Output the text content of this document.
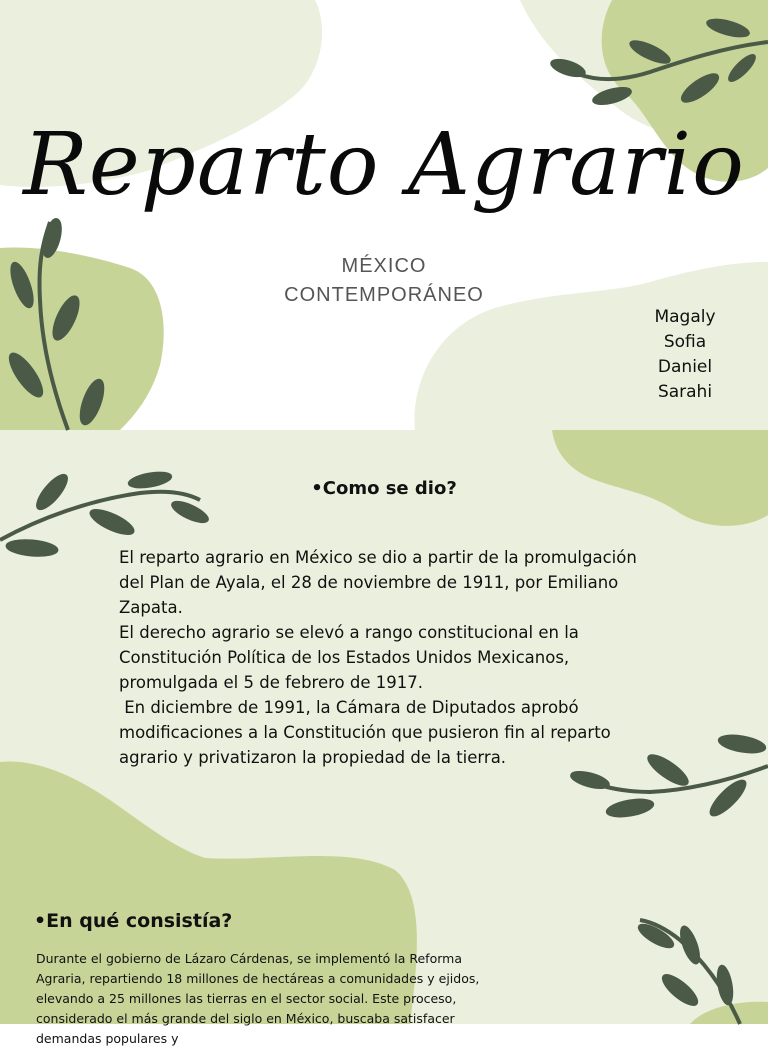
Reparto Agrario
MÉXICO
CONTEMPORÁNEO
Magaly
Sofia
Daniel
Sarahi
•Como se dio?

El reparto agrario en México se dio a partir de la promulgación del Plan de Ayala, el 28 de noviembre de 1911, por Emiliano Zapata.

El derecho agrario se elevó a rango constitucional en la Constitución Política de los Estados Unidos Mexicanos, promulgada el 5 de febrero de 1917.

En diciembre de 1991, la Cámara de Diputados aprobó modificaciones a la Constitución que pusieron fin al reparto agrario y privatizaron la propiedad de la tierra.

•En qué consistía?
Durante el gobierno de Lázaro Cárdenas, se implementó la Reforma Agraria, repartiendo 18 millones de hectáreas a comunidades y ejidos, elevando a 25 millones las tierras en el sector social. Este proceso, considerado el más grande del siglo en México, buscaba satisfacer demandas populares y
